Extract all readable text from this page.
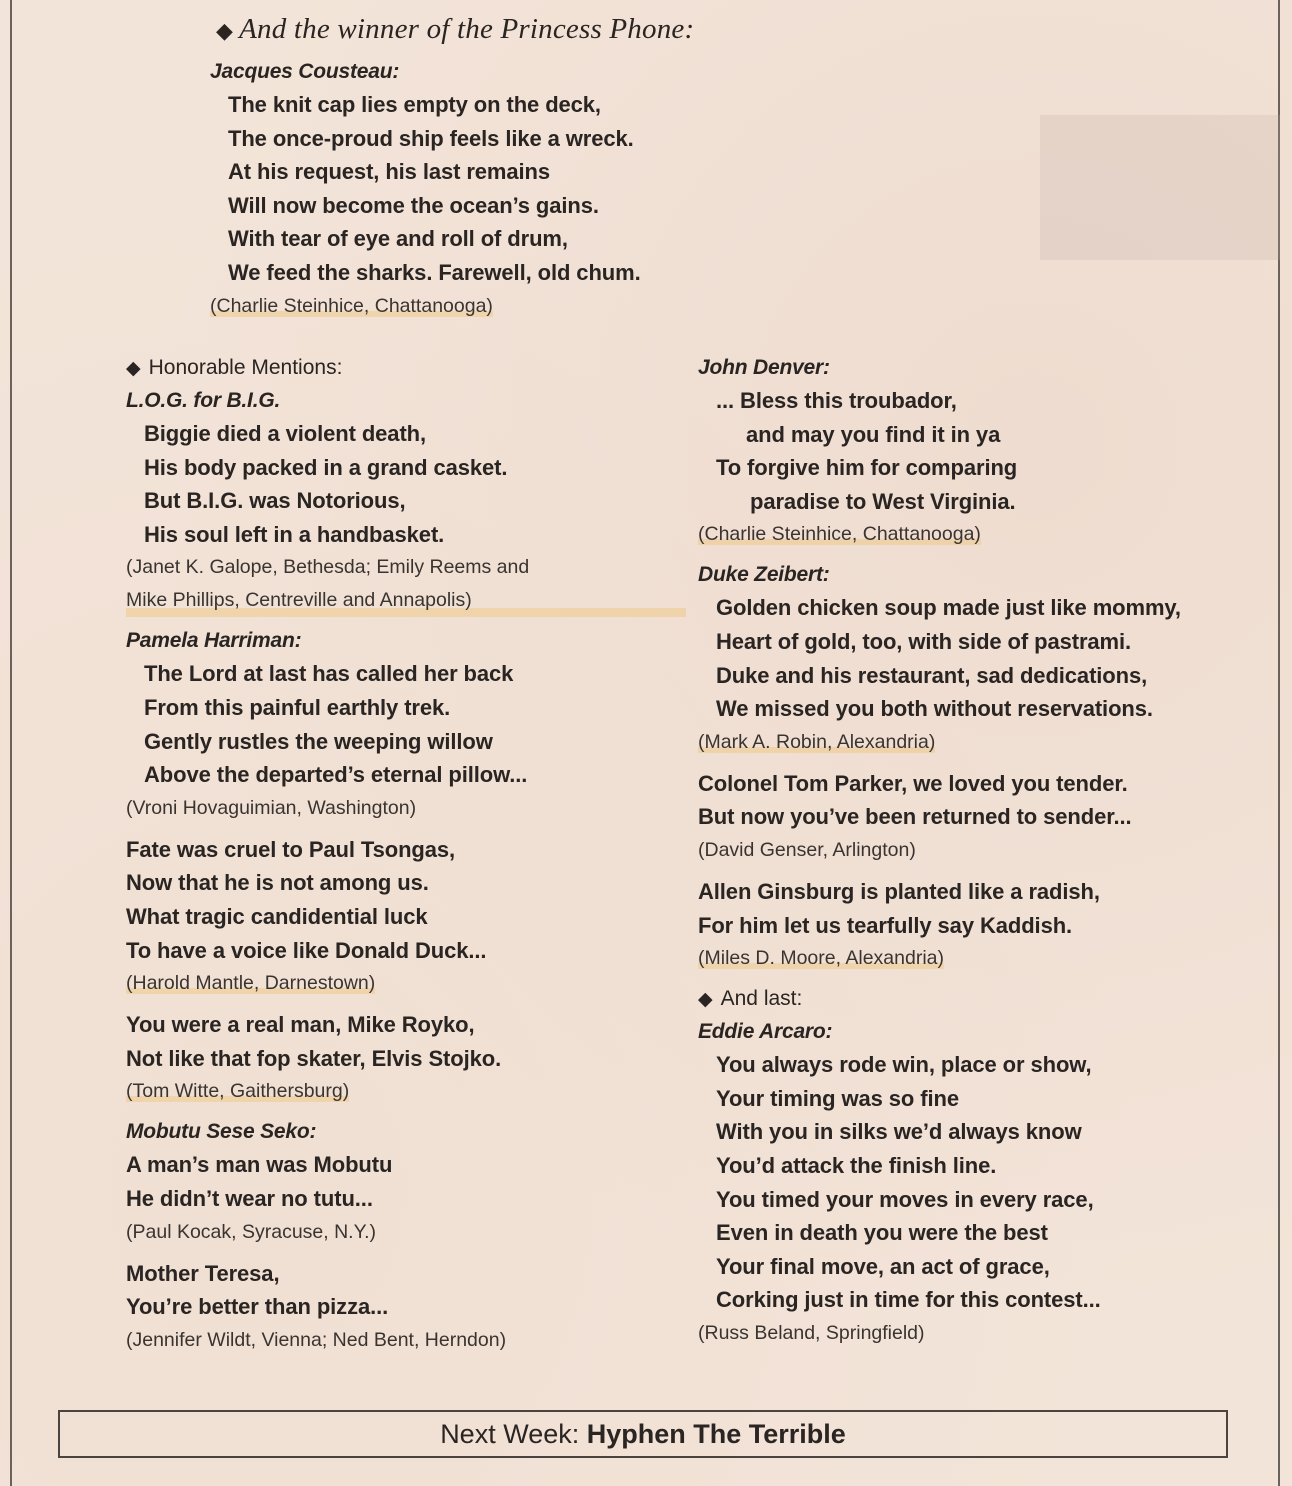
◆ And the winner of the Princess Phone:

Jacques Cousteau:

The knit cap lies empty on the deck,
The once-proud ship feels like a wreck.
At his request, his last remains
Will now become the ocean’s gains.
With tear of eye and roll of drum,
We feed the sharks. Farewell, old chum.

(Charlie Steinhice, Chattanooga)

◆ Honorable Mentions:

L.O.G. for B.I.G.

Biggie died a violent death,
His body packed in a grand casket.
But B.I.G. was Notorious,
His soul left in a handbasket.

(Janet K. Galope, Bethesda; Emily Reems and
Mike Phillips, Centreville and Annapolis)

Pamela Harriman:

The Lord at last has called her back
From this painful earthly trek.
Gently rustles the weeping willow
Above the departed’s eternal pillow...

(Vroni Hovaguimian, Washington)

Fate was cruel to Paul Tsongas,
Now that he is not among us.
What tragic candidential luck
To have a voice like Donald Duck...

(Harold Mantle, Darnestown)

You were a real man, Mike Royko,
Not like that fop skater, Elvis Stojko.

(Tom Witte, Gaithersburg)

Mobutu Sese Seko:

A man’s man was Mobutu
He didn’t wear no tutu...

(Paul Kocak, Syracuse, N.Y.)

Mother Teresa,
You’re better than pizza...

(Jennifer Wildt, Vienna; Ned Bent, Herndon)

John Denver:

... Bless this troubador,
and may you find it in ya
To forgive him for comparing
paradise to West Virginia.

(Charlie Steinhice, Chattanooga)

Duke Zeibert:

Golden chicken soup made just like mommy,
Heart of gold, too, with side of pastrami.
Duke and his restaurant, sad dedications,
We missed you both without reservations.

(Mark A. Robin, Alexandria)

Colonel Tom Parker, we loved you tender.
But now you’ve been returned to sender...

(David Genser, Arlington)

Allen Ginsburg is planted like a radish,
For him let us tearfully say Kaddish.

(Miles D. Moore, Alexandria)

◆ And last:

Eddie Arcaro:

You always rode win, place or show,
Your timing was so fine
With you in silks we’d always know
You’d attack the finish line.
You timed your moves in every race,
Even in death you were the best
Your final move, an act of grace,
Corking just in time for this contest...

(Russ Beland, Springfield)

Next Week: Hyphen The Terrible
